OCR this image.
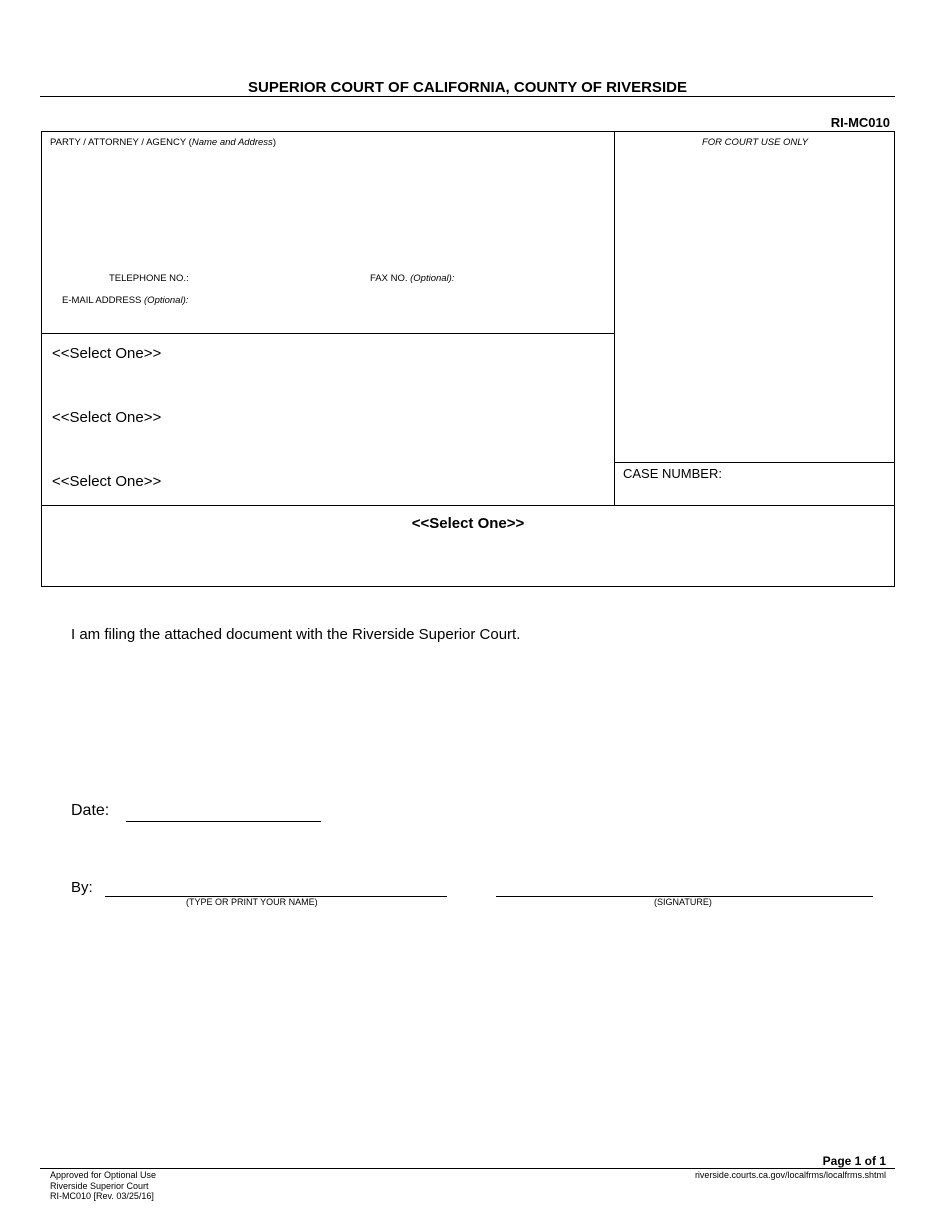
SUPERIOR COURT OF CALIFORNIA, COUNTY OF RIVERSIDE
RI-MC010
PARTY / ATTORNEY / AGENCY (Name and Address)	FOR COURT USE ONLY
TELEPHONE NO.:	FAX NO. (Optional):
E-MAIL ADDRESS (Optional):
<<Select One>>
<<Select One>>
<<Select One>>	CASE NUMBER:
<<Select One>>
I am filing the attached document with the Riverside Superior Court.
Date:
By:
(TYPE OR PRINT YOUR NAME)	(SIGNATURE)
Page 1 of 1
Approved for Optional Use
Riverside Superior Court
RI-MC010 [Rev. 03/25/16]
riverside.courts.ca.gov/localfrms/localfrms.shtml
